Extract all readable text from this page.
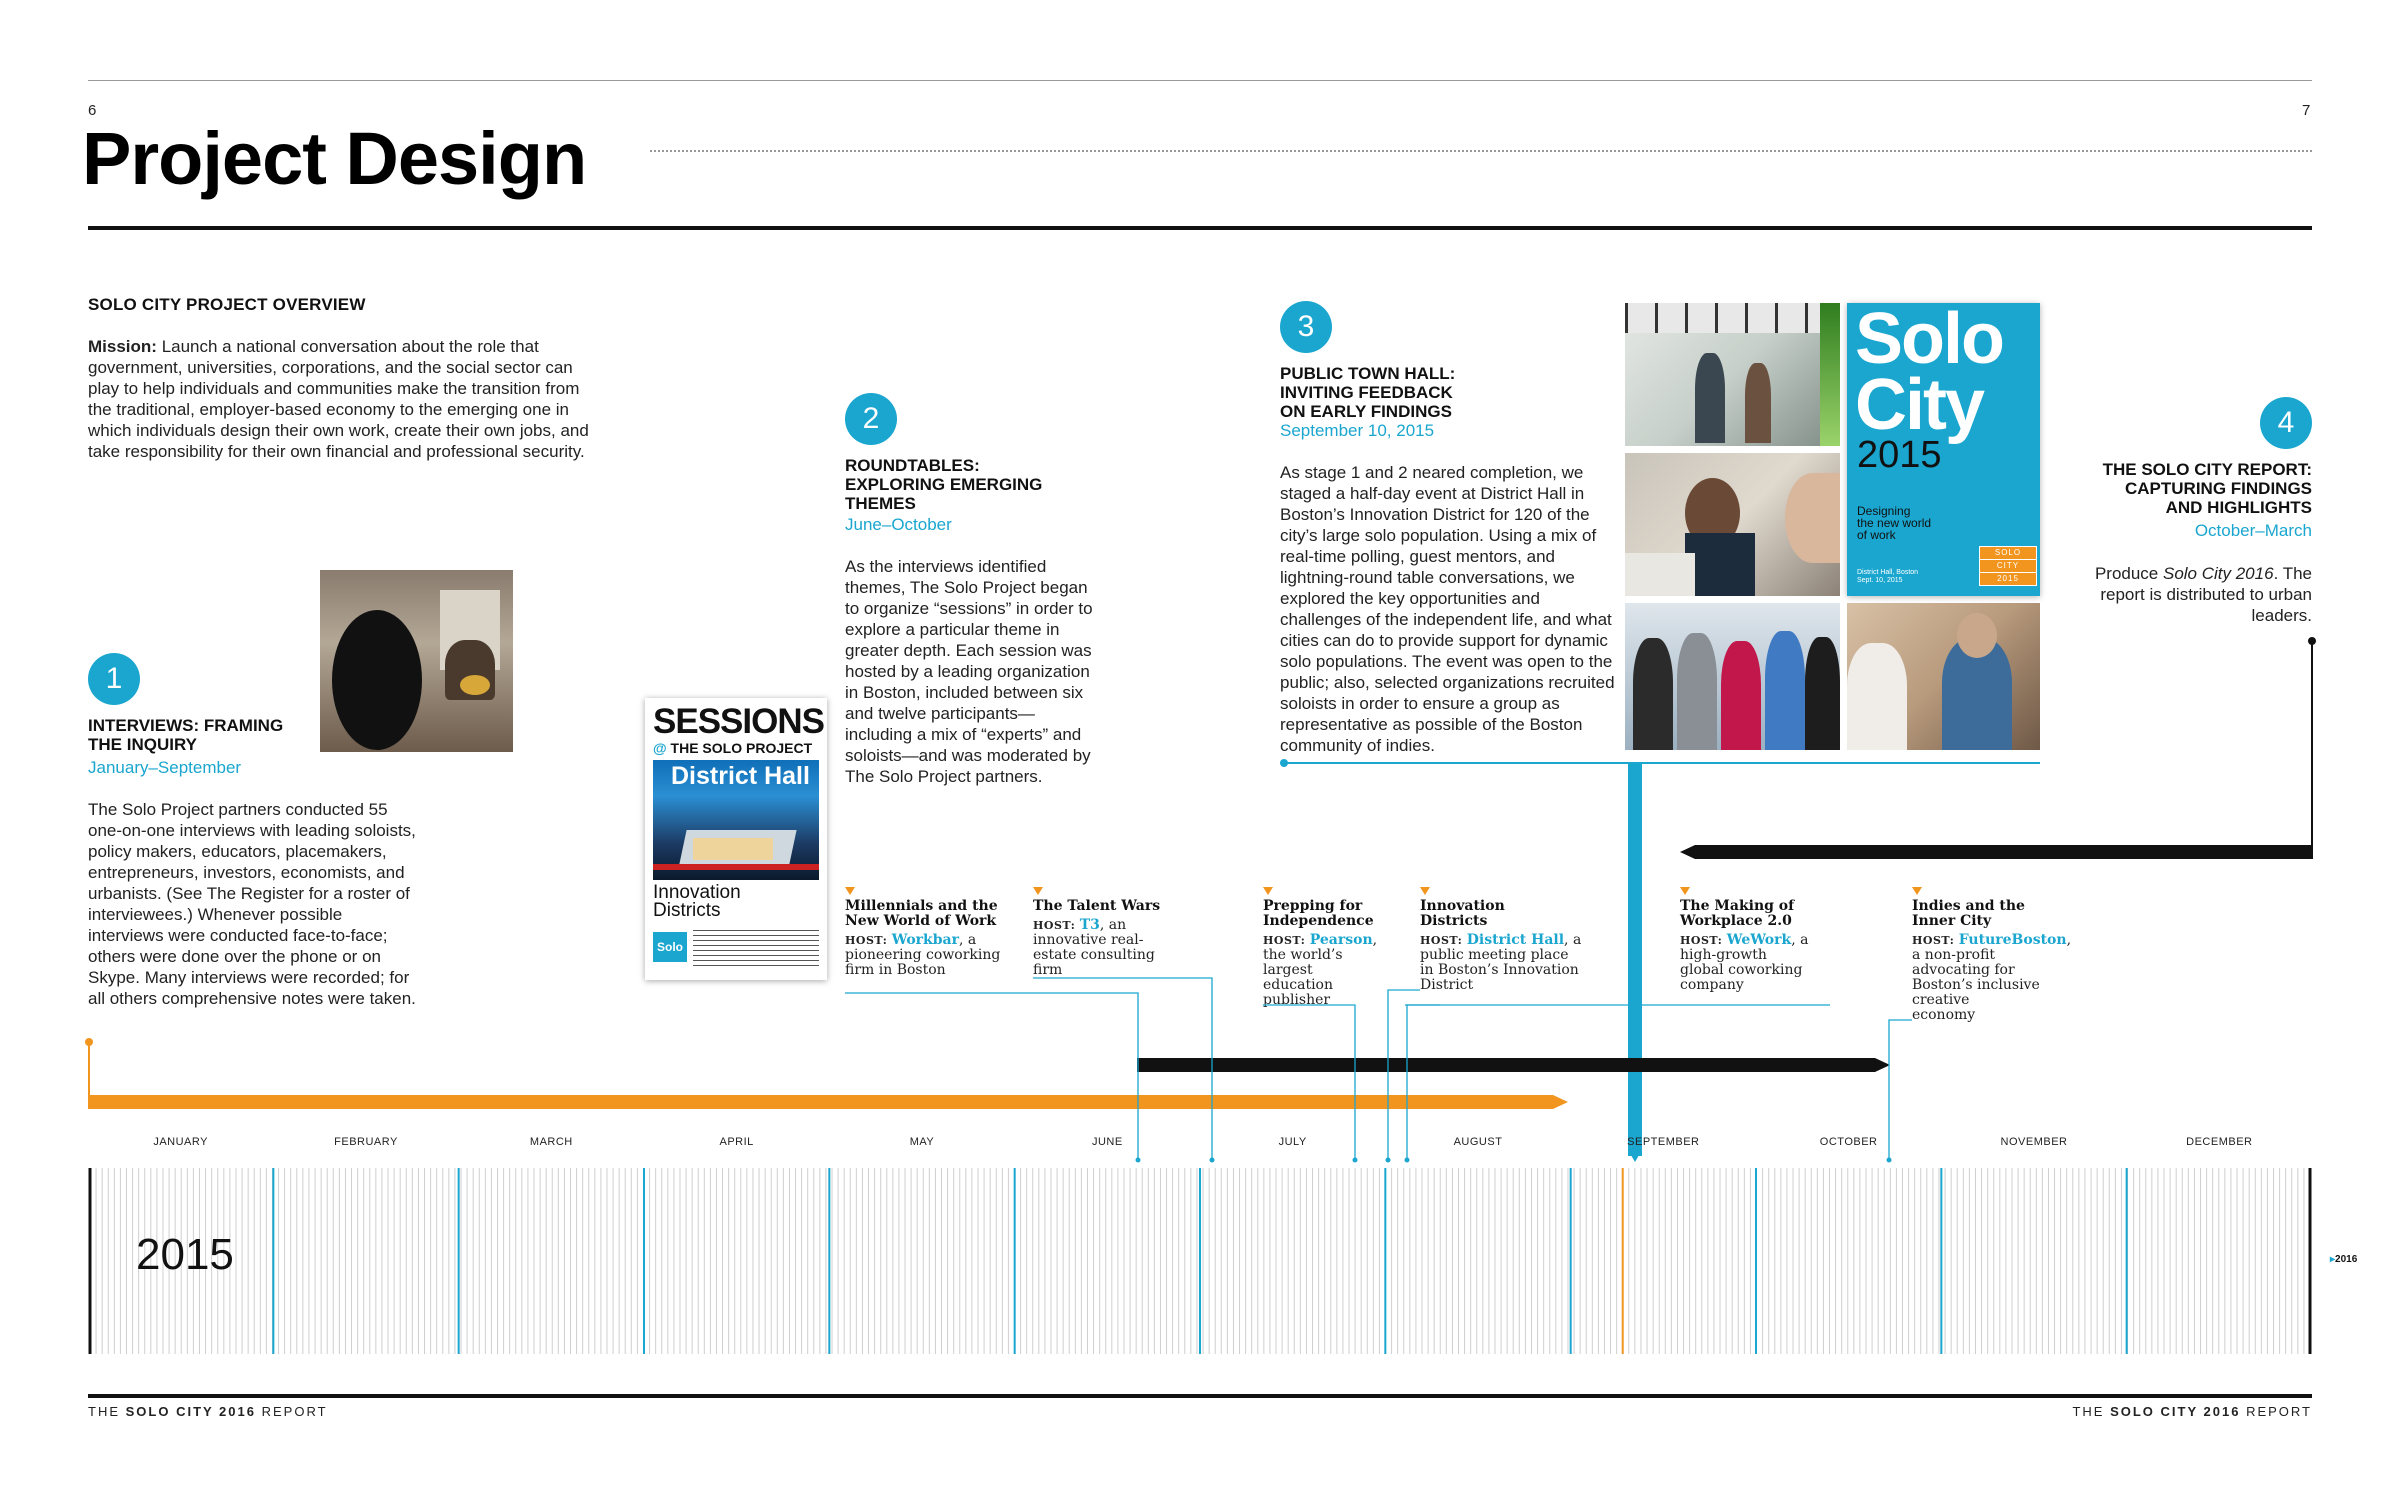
6	7
Project Design
SOLO CITY PROJECT OVERVIEW
Mission: Launch a national conversation about the role that government, universities, corporations, and the social sector can play to help individuals and communities make the transition from the traditional, employer-based economy to the emerging one in which individuals design their own work, create their own jobs, and take responsibility for their own financial and professional security.
1
INTERVIEWS: FRAMING
THE INQUIRY
January–September
The Solo Project partners conducted 55 one-on-one interviews with leading soloists, policy makers, educators, placemakers, entrepreneurs, investors, economists, and urbanists. (See The Register for a roster of interviewees.) Whenever possible interviews were conducted face-to-face; others were done over the phone or on Skype. Many interviews were recorded; for all others comprehensive notes were taken.
SESSIONS
@ THE SOLO PROJECT
District Hall
Innovation
Districts
Solo
2
ROUNDTABLES:
EXPLORING EMERGING
THEMES
June–October
As the interviews identified themes, The Solo Project began to organize “sessions” in order to explore a particular theme in greater depth. Each session was hosted by a leading organization in Boston, included between six and twelve participants—including a mix of “experts” and soloists—and was moderated by The Solo Project partners.
3
PUBLIC TOWN HALL:
INVITING FEEDBACK
ON EARLY FINDINGS
September 10, 2015
As stage 1 and 2 neared completion, we staged a half-day event at District Hall in Boston’s Innovation District for 120 of the city’s large solo population. Using a mix of real-time polling, guest mentors, and lightning-round table conversations, we explored the key opportunities and challenges of the independent life, and what cities can do to provide support for dynamic solo populations. The event was open to the public; also, selected organizations recruited soloists in order to ensure a group as representative as possible of the Boston community of indies.
Solo
City
2015
Designing
the new world
of work
District Hall, Boston
Sept. 10, 2015
SOLO
CITY
2015
4
THE SOLO CITY REPORT:
CAPTURING FINDINGS
AND HIGHLIGHTS
October–March
Produce Solo City 2016. The report is distributed to urban leaders.
Millennials and the
New World of Work
HOST: Workbar, a
pioneering coworking
firm in Boston
The Talent Wars
HOST: T3, an
innovative real-
estate consulting
firm
Prepping for
Independence
HOST: Pearson,
the world’s
largest
education
publisher
Innovation
Districts
HOST: District Hall, a
public meeting place
in Boston’s Innovation
District
The Making of
Workplace 2.0
HOST: WeWork, a
high-growth
global coworking
company
Indies and the
Inner City
HOST: FutureBoston,
a non-profit
advocating for
Boston’s inclusive
creative
economy
JANUARY	FEBRUARY	MARCH	APRIL	MAY	JUNE	JULY	AUGUST	SEPTEMBER	OCTOBER	NOVEMBER	DECEMBER
2015	▸2016
THE SOLO CITY 2016 REPORT	THE SOLO CITY 2016 REPORT
